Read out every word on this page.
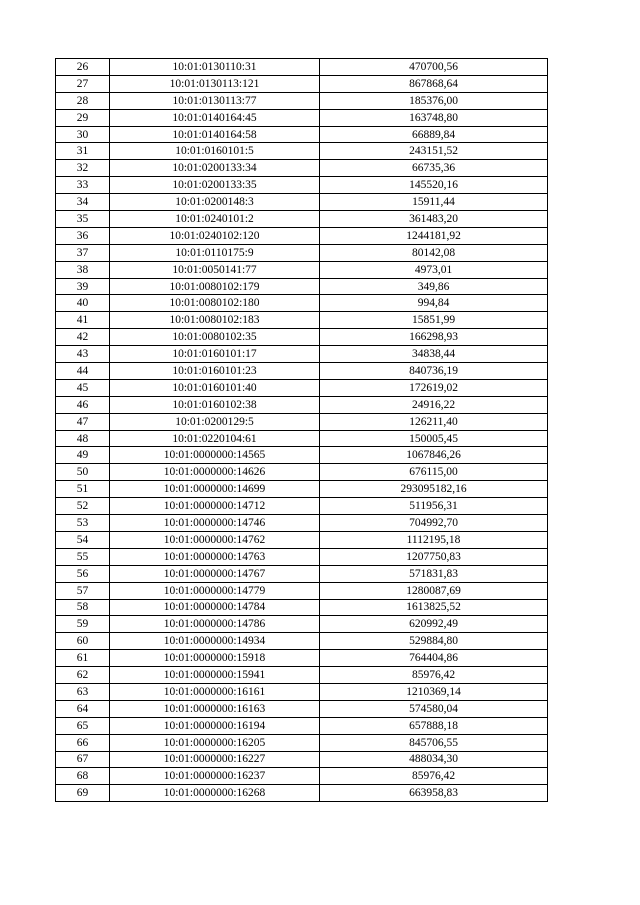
26	10:01:0130110:31	470700,56
27	10:01:0130113:121	867868,64
28	10:01:0130113:77	185376,00
29	10:01:0140164:45	163748,80
30	10:01:0140164:58	66889,84
31	10:01:0160101:5	243151,52
32	10:01:0200133:34	66735,36
33	10:01:0200133:35	145520,16
34	10:01:0200148:3	15911,44
35	10:01:0240101:2	361483,20
36	10:01:0240102:120	1244181,92
37	10:01:0110175:9	80142,08
38	10:01:0050141:77	4973,01
39	10:01:0080102:179	349,86
40	10:01:0080102:180	994,84
41	10:01:0080102:183	15851,99
42	10:01:0080102:35	166298,93
43	10:01:0160101:17	34838,44
44	10:01:0160101:23	840736,19
45	10:01:0160101:40	172619,02
46	10:01:0160102:38	24916,22
47	10:01:0200129:5	126211,40
48	10:01:0220104:61	150005,45
49	10:01:0000000:14565	1067846,26
50	10:01:0000000:14626	676115,00
51	10:01:0000000:14699	293095182,16
52	10:01:0000000:14712	511956,31
53	10:01:0000000:14746	704992,70
54	10:01:0000000:14762	1112195,18
55	10:01:0000000:14763	1207750,83
56	10:01:0000000:14767	571831,83
57	10:01:0000000:14779	1280087,69
58	10:01:0000000:14784	1613825,52
59	10:01:0000000:14786	620992,49
60	10:01:0000000:14934	529884,80
61	10:01:0000000:15918	764404,86
62	10:01:0000000:15941	85976,42
63	10:01:0000000:16161	1210369,14
64	10:01:0000000:16163	574580,04
65	10:01:0000000:16194	657888,18
66	10:01:0000000:16205	845706,55
67	10:01:0000000:16227	488034,30
68	10:01:0000000:16237	85976,42
69	10:01:0000000:16268	663958,83
